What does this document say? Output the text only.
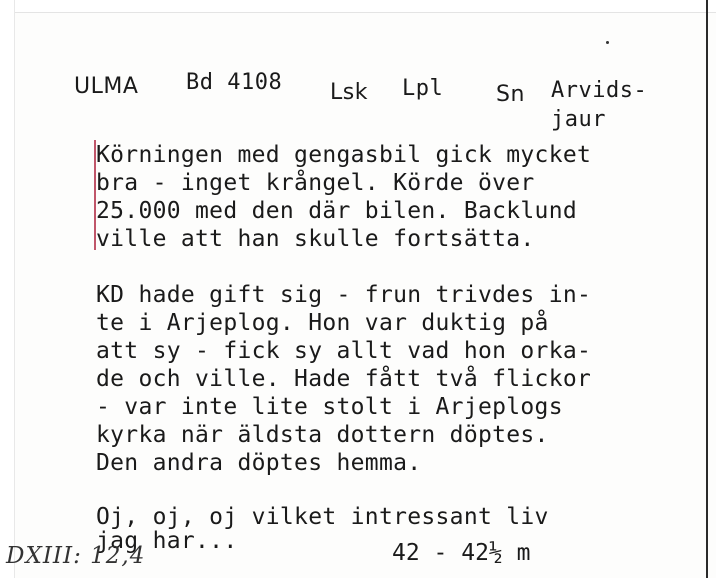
ULMA Bd 4108 Lsk Lpl Sn Arvids-
jaur
Körningen med gengasbil gick mycket
bra - inget krångel. Körde över
25.000 med den där bilen. Backlund
ville att han skulle fortsätta.
KD hade gift sig - frun trivdes in-
te i Arjeplog. Hon var duktig på
att sy - fick sy allt vad hon orka-
de och ville. Hade fått två flickor
- var inte lite stolt i Arjeplogs
kyrka när äldsta dottern döptes.
Den andra döptes hemma.
Oj, oj, oj vilket intressant liv
jag har...
DXIII: 12,4	42 - 42½ m
